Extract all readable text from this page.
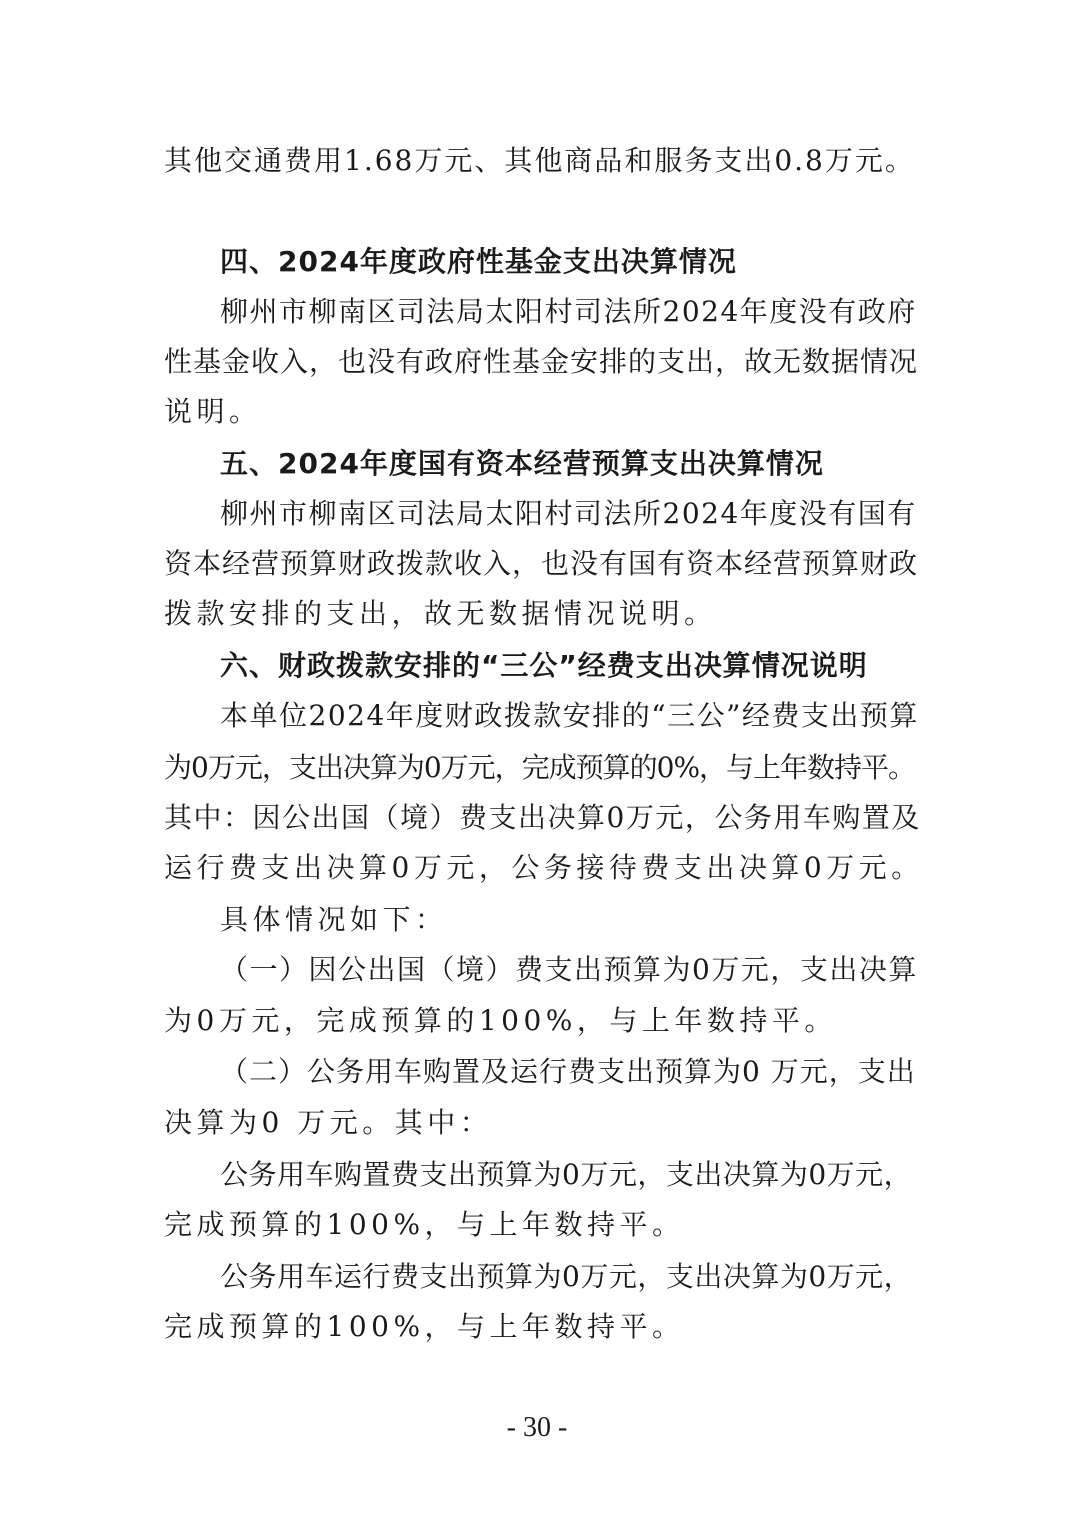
其他交通费用1.68万元、其他商品和服务支出0.8万元。
四、2024年度政府性基金支出决算情况
柳州市柳南区司法局太阳村司法所2024年度没有政府
性基金收入，也没有政府性基金安排的支出，故无数据情况
说明。
五、2024年度国有资本经营预算支出决算情况
柳州市柳南区司法局太阳村司法所2024年度没有国有
资本经营预算财政拨款收入，也没有国有资本经营预算财政
拨款安排的支出，故无数据情况说明。
六、财政拨款安排的“三公”经费支出决算情况说明
本单位2024年度财政拨款安排的“三公”经费支出预算
为0万元，支出决算为0万元，完成预算的0%，与上年数持平。
其中：因公出国（境）费支出决算0万元，公务用车购置及
运行费支出决算0万元，公务接待费支出决算0万元。
具体情况如下：
（一）因公出国（境）费支出预算为0万元，支出决算
为0万元，完成预算的100%，与上年数持平。
（二）公务用车购置及运行费支出预算为0 万元，支出
决算为0 万元。其中：
公务用车购置费支出预算为0万元，支出决算为0万元，
完成预算的100%，与上年数持平。
公务用车运行费支出预算为0万元，支出决算为0万元，
完成预算的100%，与上年数持平。
- 30 -
